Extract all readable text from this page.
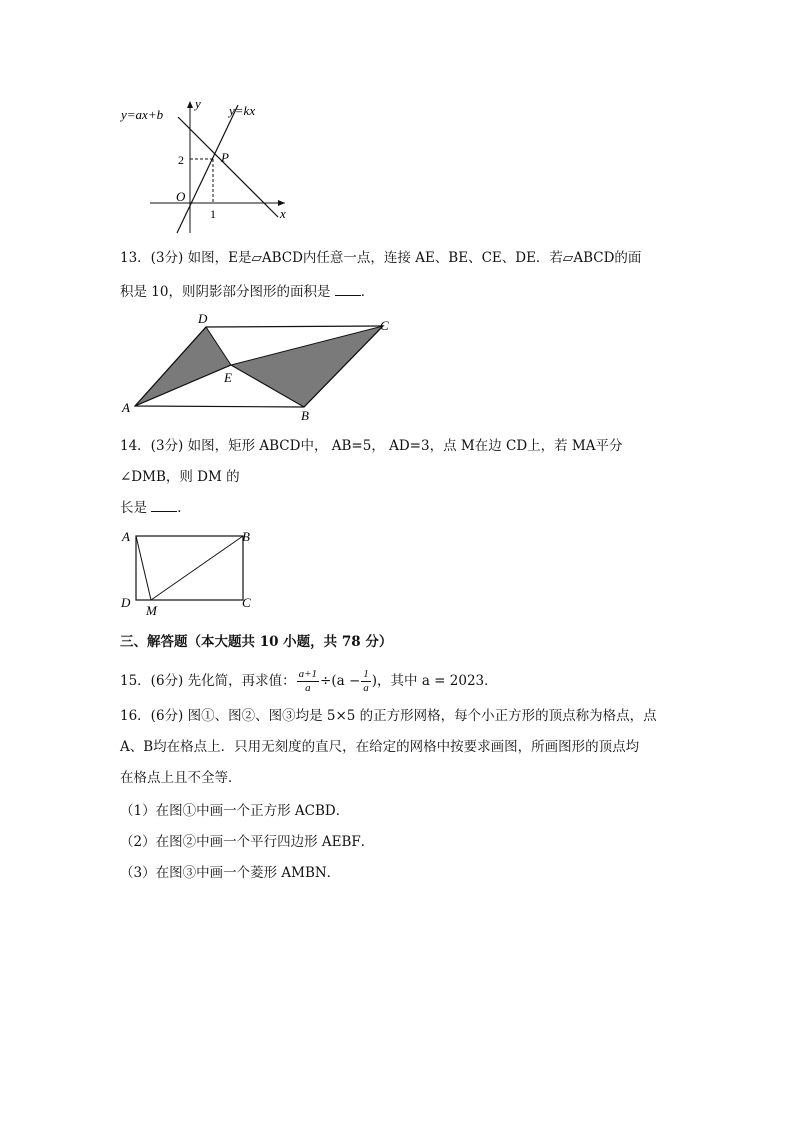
y=ax+b
y y=kx
2	P
O
1	x
13．(3分) 如图，E是▱ABCD内任意一点，连接 AE、BE、CE、DE．若▱ABCD的面
积是 10，则阴影部分图形的面积是 ．
D	C
E
A
B
14．(3分) 如图，矩形 ABCD中， AB=5， AD=3，点 M在边 CD上，若 MA平分
∠DMB，则 DM 的
长是 ．
A	B
D
M
C
三、解答题（本大题共 10 小题，共 78 分）
15．(6分) 先化简，再求值： $\frac{a+1}{a} \div(a - \frac{1}{a}$ )，其中 a = 2023．
16．(6分) 图①、图②、图③均是 5×5 的正方形网格，每个小正方形的顶点称为格点，点
A、B均在格点上．只用无刻度的直尺，在给定的网格中按要求画图，所画图形的顶点均
在格点上且不全等．
（1）在图①中画一个正方形 ACBD．
（2）在图②中画一个平行四边形 AEBF．
（3）在图③中画一个菱形 AMBN．
